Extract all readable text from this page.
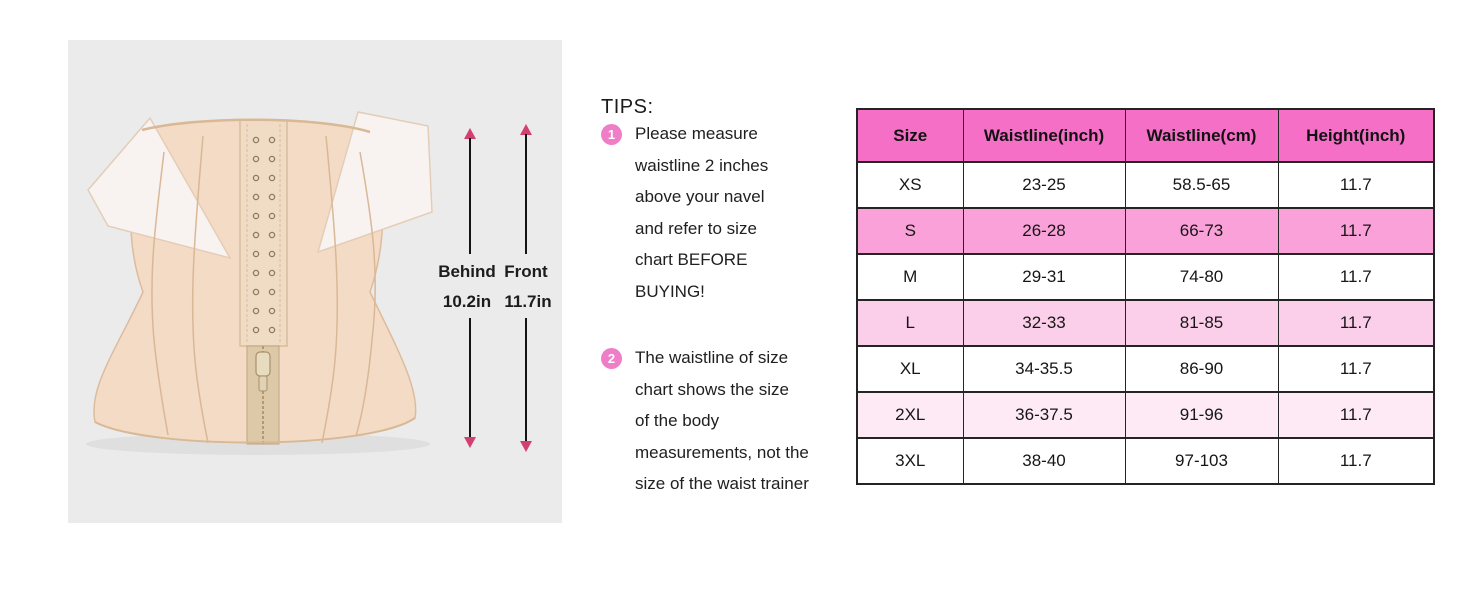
Behind Front
10.2in 11.7in
TIPS:
1	Please measure
waistline 2 inches
above your navel
and refer to size
chart BEFORE
BUYING!
2	The waistline of size
chart shows the size
of the body
measurements, not the
size of the waist trainer
Size	Waistline(inch)	Waistline(cm)	Height(inch)
XS	23-25	58.5-65	11.7
S	26-28	66-73	11.7
M	29-31	74-80	11.7
L	32-33	81-85	11.7
XL	34-35.5	86-90	11.7
2XL	36-37.5	91-96	11.7
3XL	38-40	97-103	11.7
